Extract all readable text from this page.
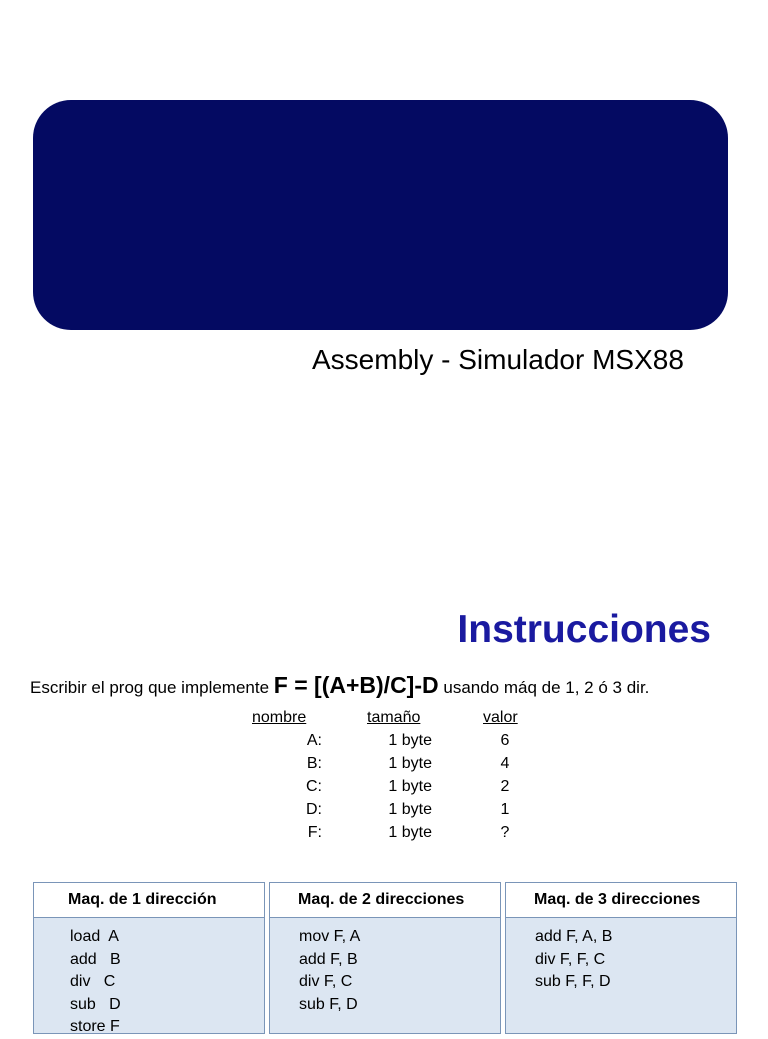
Assembly - Simulador MSX88
Instrucciones
Escribir el prog que implemente F = [(A+B)/C]-D usando máq de 1, 2 ó 3 dir.
nombre	tamaño	valor
A:	1 byte	6
B:	1 byte	4
C:	1 byte	2
D:	1 byte	1
F:	1 byte	?
Maq. de 1 dirección
load  A
add   B
div   C
sub   D
store F
Maq. de 2 direcciones
mov F, A
add F, B
div F, C
sub F, D
Maq. de 3 direcciones
add F, A, B
div F, F, C
sub F, F, D
